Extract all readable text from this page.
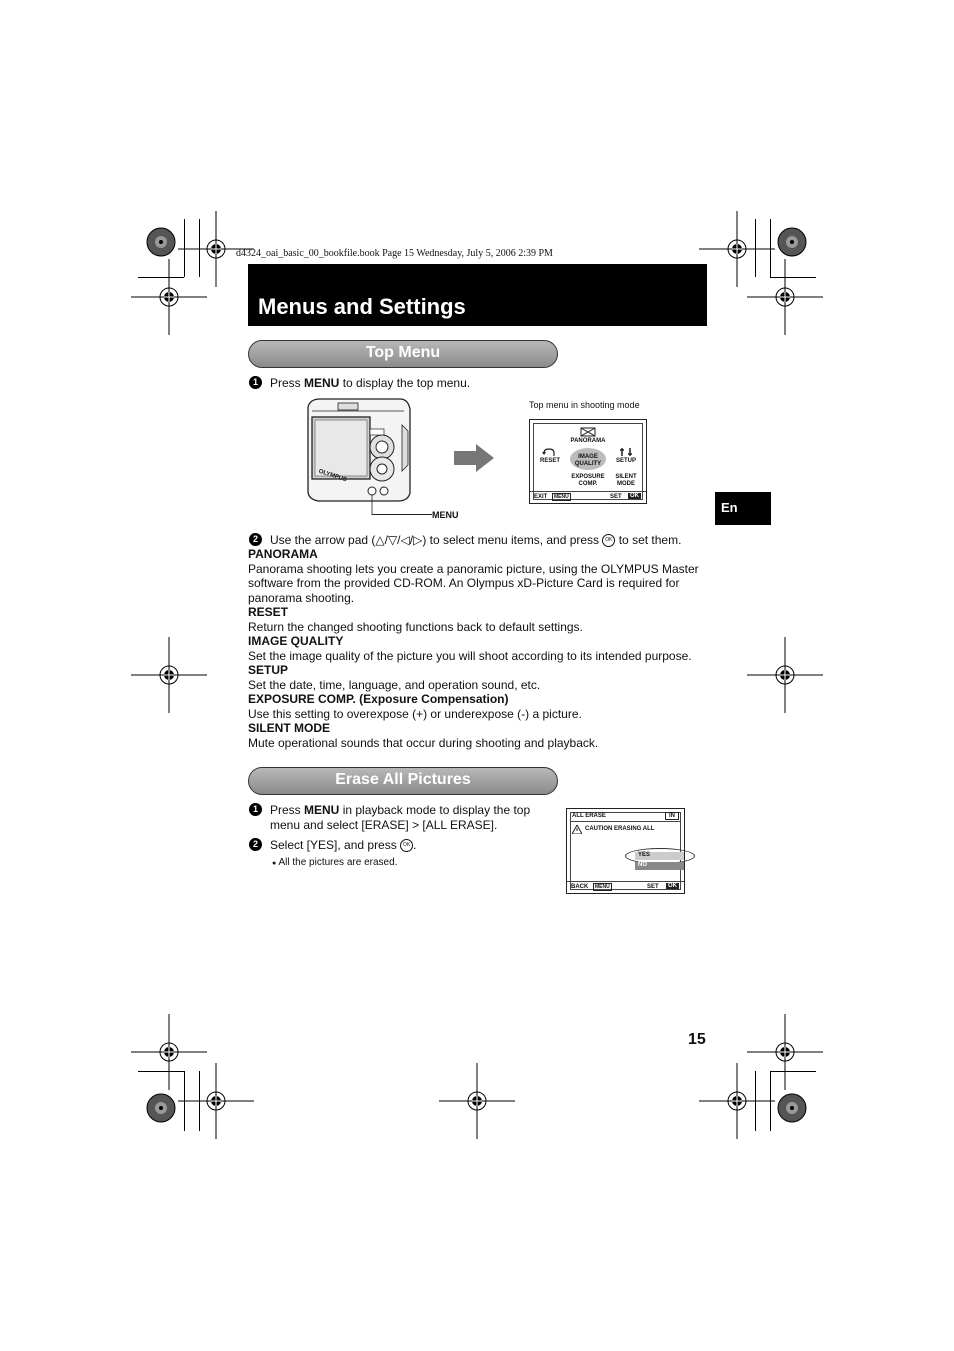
d4324_oai_basic_00_bookfile.book Page 15 Wednesday, July 5, 2006 2:39 PM
Menus and Settings
En
Top Menu
1	Press MENU to display the top menu.
OLYMPUS
MENU
Top menu in shooting mode
PANORAMA
RESET
IMAGE QUALITY	SETUP
EXPOSURE COMP.
SILENT MODE
EXIT	MENU	SET	OK
2	Use the arrow pad (△/▽/◁/▷) to select menu items, and press OK to set them.
PANORAMA
Panorama shooting lets you create a panoramic picture, using the OLYMPUS Master software from the provided CD-ROM. An Olympus xD-Picture Card is required for panorama shooting.
RESET
Return the changed shooting functions back to default settings.
IMAGE QUALITY
Set the image quality of the picture you will shoot according to its intended purpose.
SETUP
Set the date, time, language, and operation sound, etc.
EXPOSURE COMP. (Exposure Compensation)
Use this setting to overexpose (+) or underexpose (-) a picture.
SILENT MODE
Mute operational sounds that occur during shooting and playback.
Erase All Pictures
1	Press MENU in playback mode to display the top menu and select [ERASE] > [ALL ERASE].
2	Select [YES], and press OK .
● All the pictures are erased.
ALL ERASE	IN
CAUTION ERASING ALL
YES
NO
BACK	MENU	SET	OK
15
